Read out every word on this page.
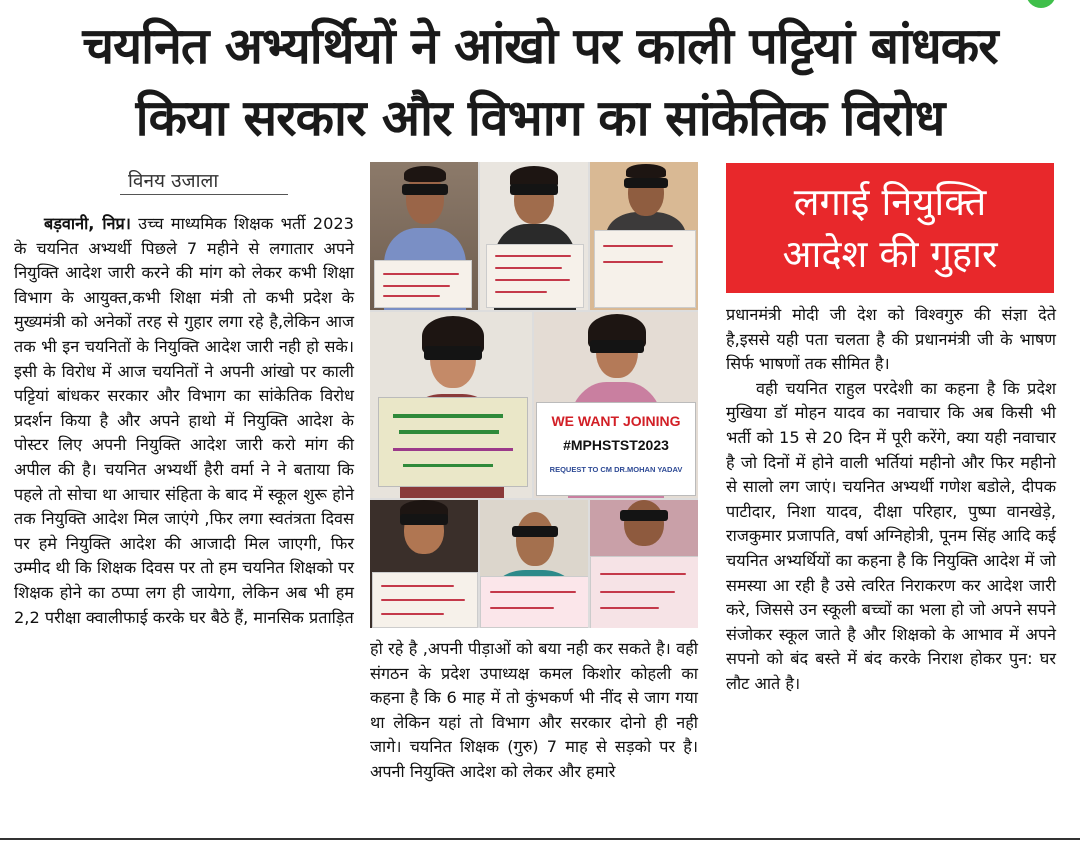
चयनित अभ्यर्थियों ने आंखो पर काली पट्टियां बांधकर
किया सरकार और विभाग का सांकेतिक विरोध
विनय उजाला

बड़वानी, निप्र। उच्च माध्यमिक शिक्षक भर्ती 2023 के चयनित अभ्यर्थी पिछले 7 महीने से लगातार अपने नियुक्ति आदेश जारी करने की मांग को लेकर कभी शिक्षा विभाग के आयुक्त,कभी शिक्षा मंत्री तो कभी प्रदेश के मुख्यमंत्री को अनेकों तरह से गुहार लगा रहे है,लेकिन आज तक भी इन चयनितों के नियुक्ति आदेश जारी नही हो सके। इसी के विरोध में आज चयनितों ने अपनी आंखो पर काली पट्टियां बांधकर सरकार और विभाग का सांकेतिक विरोध प्रदर्शन किया है और अपने हाथो में नियुक्ति आदेश के पोस्टर लिए अपनी नियुक्ति आदेश जारी करो मांग की अपील की है। चयनित अभ्यर्थी हैरी वर्मा ने ने बताया कि पहले तो सोचा था आचार संहिता के बाद में स्कूल शुरू होने तक नियुक्ति आदेश मिल जाएंगे ,फिर लगा स्वतंत्रता दिवस पर हमे नियुक्ति आदेश की आजादी मिल जाएगी, फिर उम्मीद थी कि शिक्षक दिवस पर तो हम चयनित शिक्षको पर शिक्षक होने का ठप्पा लग ही जायेगा, लेकिन अब भी हम 2,2 परीक्षा क्वालीफाई करके घर बैठे हैं, मानसिक प्रताड़ित

WE WANT JOINING
#MPHSTST2023
REQUEST TO CM DR.MOHAN YADAV

हो रहे है ,अपनी पीड़ाओं को बया नही कर सकते है। वही संगठन के प्रदेश उपाध्यक्ष कमल किशोर कोहली का कहना है कि 6 माह में तो कुंभकर्ण भी नींद से जाग गया था लेकिन यहां तो विभाग और सरकार दोनो ही नही जागे। चयनित शिक्षक (गुरु) 7 माह से सड़को पर है। अपनी नियुक्ति आदेश को लेकर और हमारे

लगाई नियुक्ति
आदेश की गुहार

प्रधानमंत्री मोदी जी देश को विश्वगुरु की संज्ञा देते है,इससे यही पता चलता है की प्रधानमंत्री जी के भाषण सिर्फ भाषणों तक सीमित है।

वही चयनित राहुल परदेशी का कहना है कि प्रदेश मुखिया डॉ मोहन यादव का नवाचार कि अब किसी भी भर्ती को 15 से 20 दिन में पूरी करेंगे, क्या यही नवाचार है जो दिनों में होने वाली भर्तियां महीनो और फिर महीनो से सालो लग जाएं। चयनित अभ्यर्थी गणेश बडोले, दीपक पाटीदार, निशा यादव, दीक्षा परिहार, पुष्पा वानखेड़े, राजकुमार प्रजापति, वर्षा अग्निहोत्री, पूनम सिंह आदि कई चयनित अभ्यर्थियों का कहना है कि नियुक्ति आदेश में जो समस्या आ रही है उसे त्वरित निराकरण कर आदेश जारी करे, जिससे उन स्कूली बच्चों का भला हो जो अपने सपने संजोकर स्कूल जाते है और शिक्षको के आभाव में अपने सपनो को बंद बस्ते में बंद करके निराश होकर पुन: घर लौट आते है।
